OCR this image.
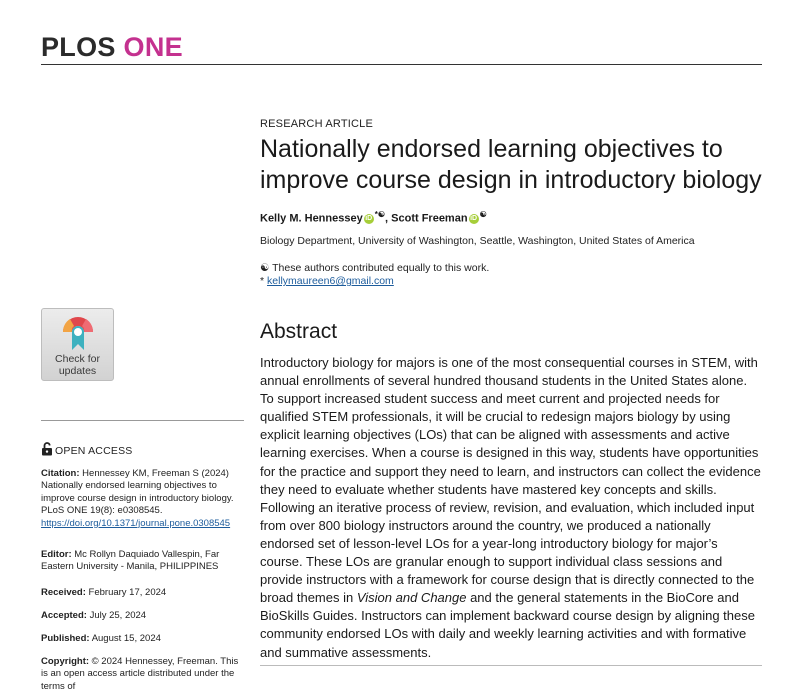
PLOS ONE
RESEARCH ARTICLE
Nationally endorsed learning objectives to improve course design in introductory biology
Kelly M. Hennessey iD *☯, Scott Freeman iD ☯
Biology Department, University of Washington, Seattle, Washington, United States of America
☯ These authors contributed equally to this work.
* kellymaureen6@gmail.com
Check for
updates
OPEN ACCESS

Citation: Hennessey KM, Freeman S (2024) Nationally endorsed learning objectives to improve course design in introductory biology. PLoS ONE 19(8): e0308545. https://doi.org/10.1371/journal.pone.0308545

Editor: Mc Rollyn Daquiado Vallespin, Far Eastern University - Manila, PHILIPPINES

Received: February 17, 2024

Accepted: July 25, 2024

Published: August 15, 2024

Copyright: © 2024 Hennessey, Freeman. This is an open access article distributed under the terms of

Abstract

Introductory biology for majors is one of the most consequential courses in STEM, with annual enrollments of several hundred thousand students in the United States alone. To support increased student success and meet current and projected needs for qualified STEM professionals, it will be crucial to redesign majors biology by using explicit learning objectives (LOs) that can be aligned with assessments and active learning exercises. When a course is designed in this way, students have opportunities for the practice and support they need to learn, and instructors can collect the evidence they need to evaluate whether students have mastered key concepts and skills. Following an iterative process of review, revision, and evaluation, which included input from over 800 biology instructors around the country, we produced a nationally endorsed set of lesson-level LOs for a year-long introductory biology for major’s course. These LOs are granular enough to support individual class sessions and provide instructors with a framework for course design that is directly connected to the broad themes in Vision and Change and the general statements in the BioCore and BioSkills Guides. Instructors can implement backward course design by aligning these community endorsed LOs with daily and weekly learning activities and with formative and summative assessments.
